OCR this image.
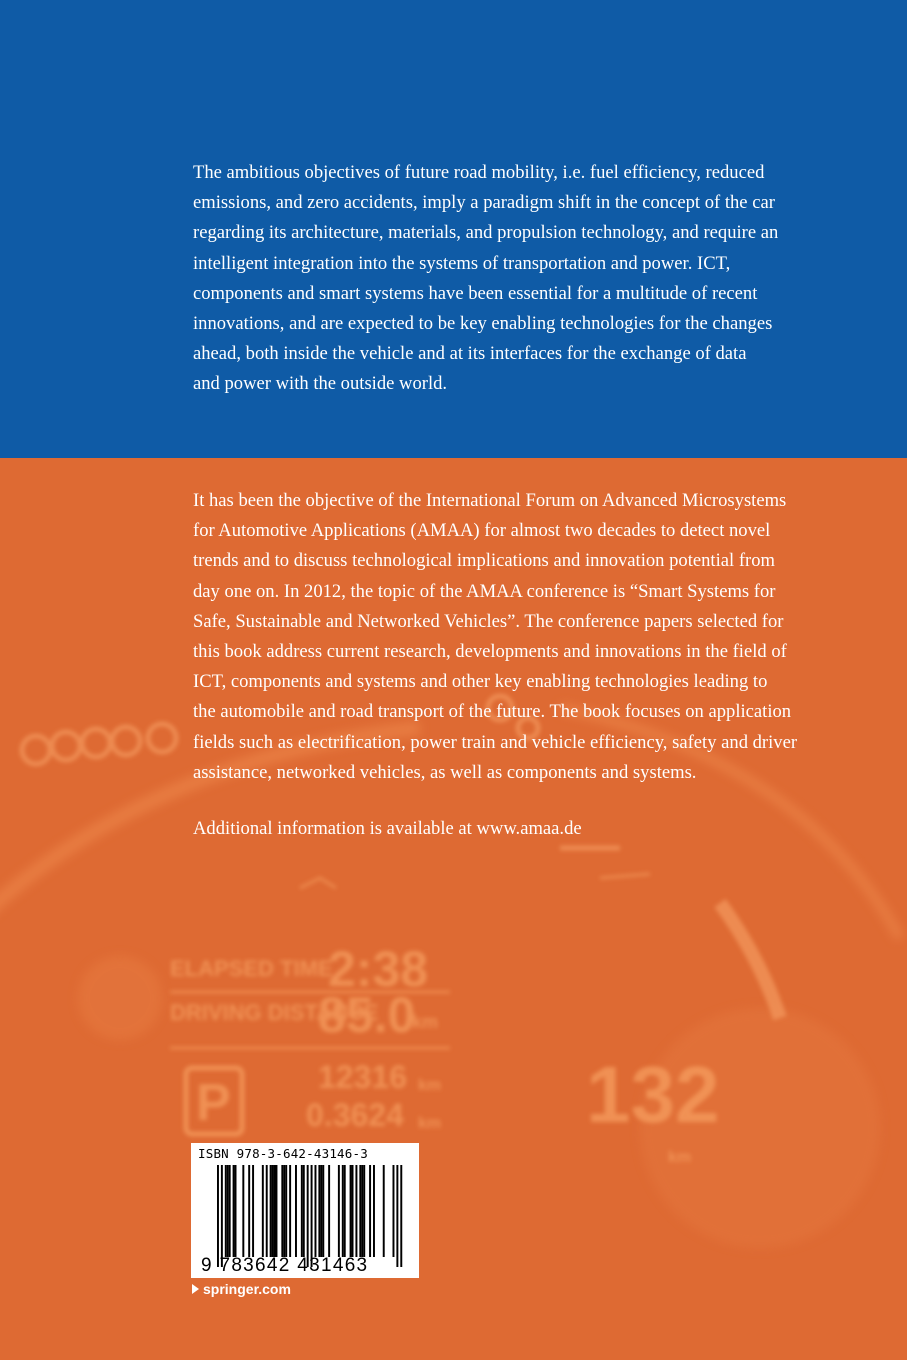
The ambitious objectives of future road mobility, i.e. fuel efficiency, reduced
emissions, and zero accidents, imply a paradigm shift in the concept of the car
regarding its architecture, materials, and propulsion technology, and require an
intelligent integration into the systems of transportation and power. ICT,
components and smart systems have been essential for a multitude of recent
innovations, and are expected to be key enabling technologies for the changes
ahead, both inside the vehicle and at its interfaces for the exchange of data
and power with the outside world.

ELAPSED TIME
2:38
DRIVING DISTANCE
85.0
km
P	12316 km
0.3624 km 132
km

It has been the objective of the International Forum on Advanced Microsystems
for Automotive Applications (AMAA) for almost two decades to detect novel
trends and to discuss technological implications and innovation potential from
day one on. In 2012, the topic of the AMAA conference is “Smart Systems for
Safe, Sustainable and Networked Vehicles”. The conference papers selected for
this book address current research, developments and innovations in the field of
ICT, components and systems and other key enabling technologies leading to
the automobile and road transport of the future. The book focuses on application
fields such as electrification, power train and vehicle efficiency, safety and driver
assistance, networked vehicles, as well as components and systems.

Additional information is available at www.amaa.de

ISBN 978-3-642-43146-3
9 783642 431463
springer.com
